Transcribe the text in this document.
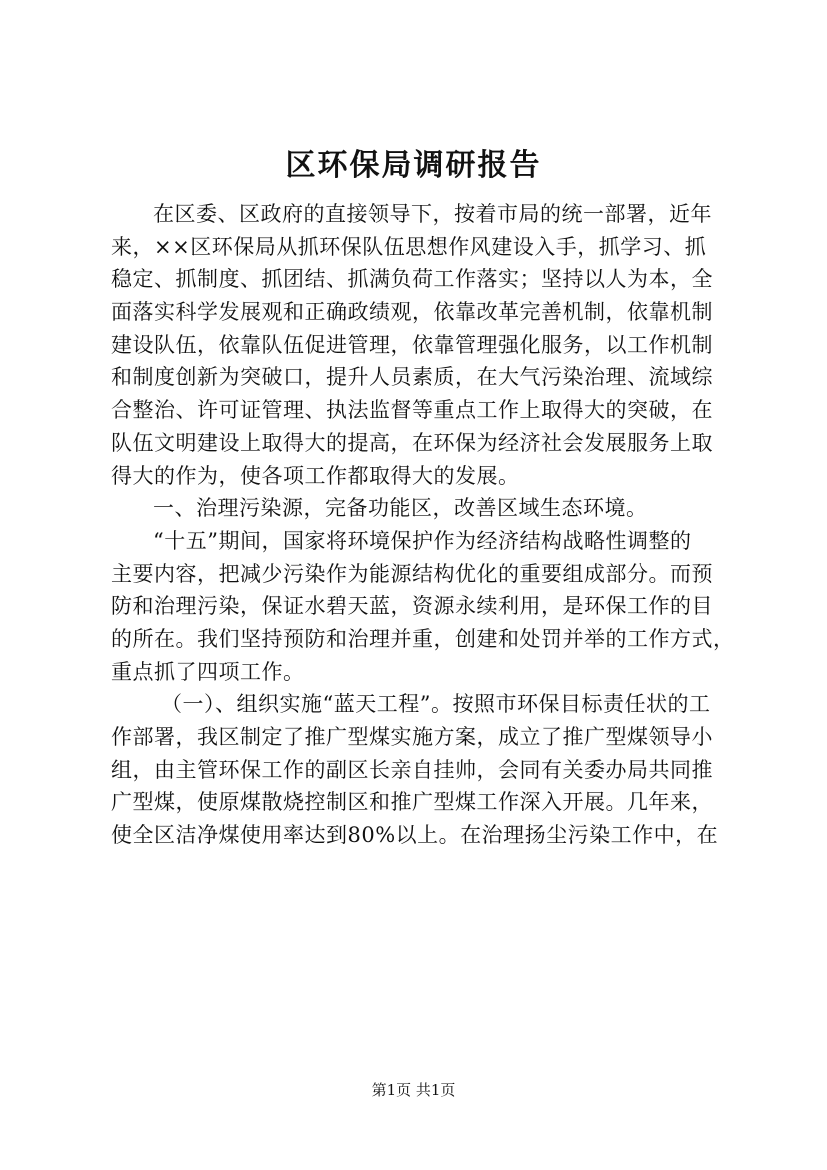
区环保局调研报告

在区委、区政府的直接领导下，按着市局的统一部署，近年
来，××区环保局从抓环保队伍思想作风建设入手，抓学习、抓
稳定、抓制度、抓团结、抓满负荷工作落实；坚持以人为本，全
面落实科学发展观和正确政绩观，依靠改革完善机制，依靠机制
建设队伍，依靠队伍促进管理，依靠管理强化服务，以工作机制
和制度创新为突破口，提升人员素质，在大气污染治理、流域综
合整治、许可证管理、执法监督等重点工作上取得大的突破，在
队伍文明建设上取得大的提高，在环保为经济社会发展服务上取
得大的作为，使各项工作都取得大的发展。

一、治理污染源，完备功能区，改善区域生态环境。

“十五”期间，国家将环境保护作为经济结构战略性调整的
主要内容，把减少污染作为能源结构优化的重要组成部分。而预
防和治理污染，保证水碧天蓝，资源永续利用，是环保工作的目
的所在。我们坚持预防和治理并重，创建和处罚并举的工作方式，
重点抓了四项工作。

（一）、组织实施“蓝天工程”。按照市环保目标责任状的工
作部署，我区制定了推广型煤实施方案，成立了推广型煤领导小
组，由主管环保工作的副区长亲自挂帅，会同有关委办局共同推
广型煤，使原煤散烧控制区和推广型煤工作深入开展。几年来，
使全区洁净煤使用率达到80%以上。在治理扬尘污染工作中，在

第1页 共1页
